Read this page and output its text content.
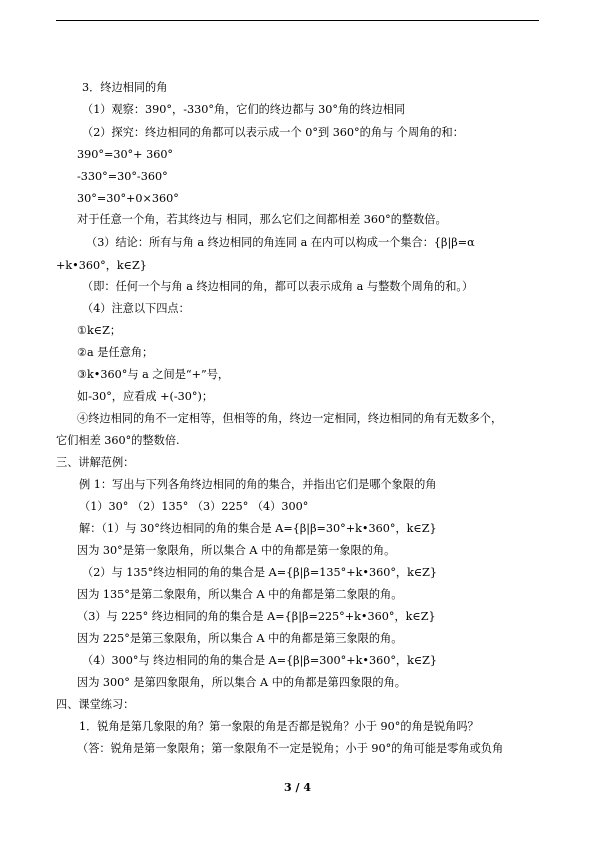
3．终边相同的角
（1）观察：390°，-330°角，它们的终边都与 30°角的终边相同
（2）探究：终边相同的角都可以表示成一个 0°到 360°的角与 个周角的和：
390°=30°+ 360°
-330°=30°-360°
30°=30°+0×360°
对于任意一个角，若其终边与 相同，那么它们之间都相差 360°的整数倍。
（3）结论：所有与角 a 终边相同的角连同 a 在内可以构成一个集合：{β|β=α
+k•360°，k∈Z}
（即：任何一个与角 a 终边相同的角，都可以表示成角 a 与整数个周角的和。）
（4）注意以下四点：
①k∈Z；
②a 是任意角；
③k•360°与 a 之间是“+”号，
如-30°，应看成 +(-30°)；
④终边相同的角不一定相等，但相等的角，终边一定相同，终边相同的角有无数多个，
它们相差 360°的整数倍.
三、讲解范例：
例 1：写出与下列各角终边相同的角的集合，并指出它们是哪个象限的角
（1）30° （2）135° （3）225° （4）300°
解：（1）与 30°终边相同的角的集合是 A={β|β=30°+k•360°，k∈Z}
因为 30°是第一象限角，所以集合 A 中的角都是第一象限的角。
（2）与 135°终边相同的角的集合是 A={β|β=135°+k•360°，k∈Z}
因为 135°是第二象限角，所以集合 A 中的角都是第二象限的角。
（3）与 225° 终边相同的角的集合是 A={β|β=225°+k•360°，k∈Z}
因为 225°是第三象限角，所以集合 A 中的角都是第三象限的角。
（4）300°与 终边相同的角的集合是 A={β|β=300°+k•360°，k∈Z}
因为 300° 是第四象限角，所以集合 A 中的角都是第四象限的角。
四、课堂练习：
1．锐角是第几象限的角？第一象限的角是否都是锐角？小于 90°的角是锐角吗？
（答：锐角是第一象限角；第一象限角不一定是锐角；小于 90°的角可能是零角或负角
3 / 4
